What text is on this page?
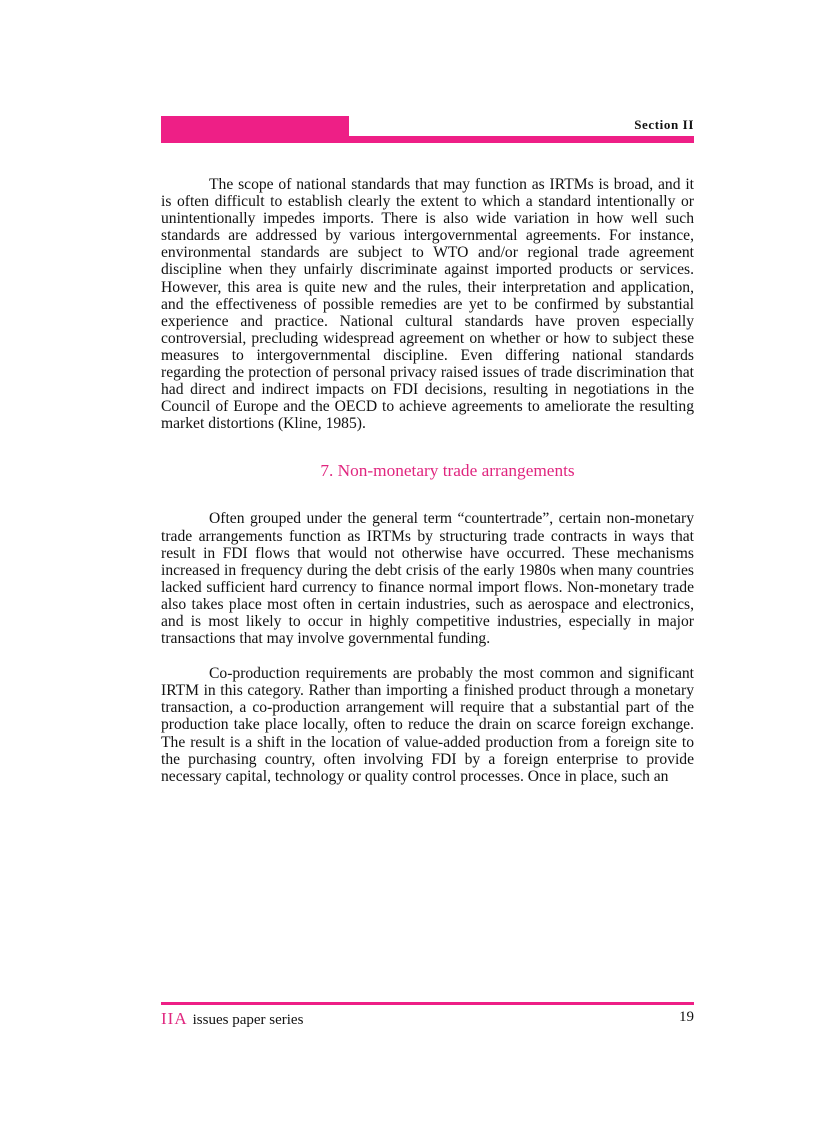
Section II

The scope of national standards that may function as IRTMs is broad, and it is often difficult to establish clearly the extent to which a standard intentionally or unintentionally impedes imports. There is also wide variation in how well such standards are addressed by various intergovernmental agreements. For instance, environmental standards are subject to WTO and/or regional trade agreement discipline when they unfairly discriminate against imported products or services. However, this area is quite new and the rules, their interpretation and application, and the effectiveness of possible remedies are yet to be confirmed by substantial experience and practice. National cultural standards have proven especially controversial, precluding widespread agreement on whether or how to subject these measures to intergovernmental discipline. Even differing national standards regarding the protection of personal privacy raised issues of trade discrimination that had direct and indirect impacts on FDI decisions, resulting in negotiations in the Council of Europe and the OECD to achieve agreements to ameliorate the resulting market distortions (Kline, 1985).

7. Non-monetary trade arrangements

Often grouped under the general term “countertrade”, certain non-monetary trade arrangements function as IRTMs by structuring trade contracts in ways that result in FDI flows that would not otherwise have occurred. These mechanisms increased in frequency during the debt crisis of the early 1980s when many countries lacked sufficient hard currency to finance normal import flows. Non-monetary trade also takes place most often in certain industries, such as aerospace and electronics, and is most likely to occur in highly competitive industries, especially in major transactions that may involve governmental funding.

Co-production requirements are probably the most common and significant IRTM in this category. Rather than importing a finished product through a monetary transaction, a co-production arrangement will require that a substantial part of the production take place locally, often to reduce the drain on scarce foreign exchange. The result is a shift in the location of value-added production from a foreign site to the purchasing country, often involving FDI by a foreign enterprise to provide necessary capital, technology or quality control processes. Once in place, such an

IIA issues paper series	19
